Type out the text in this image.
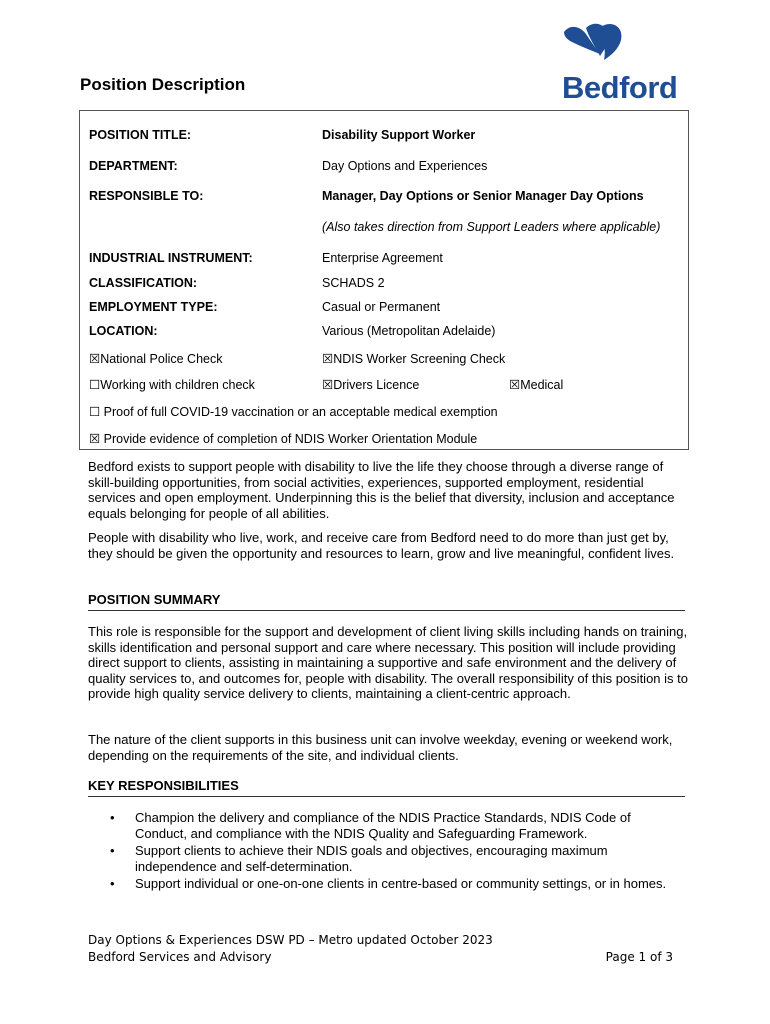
Position Description	Bedford
POSITION TITLE:	Disability Support Worker
DEPARTMENT:	Day Options and Experiences
RESPONSIBLE TO:	Manager, Day Options or Senior Manager Day Options
(Also takes direction from Support Leaders where applicable)
INDUSTRIAL INSTRUMENT:	Enterprise Agreement
CLASSIFICATION:	SCHADS 2
EMPLOYMENT TYPE:	Casual or Permanent
LOCATION:	Various (Metropolitan Adelaide)
☒National Police Check	☒NDIS Worker Screening Check
☐Working with children check	☒Drivers Licence	☒Medical
☐ Proof of full COVID-19 vaccination or an acceptable medical exemption
☒ Provide evidence of completion of NDIS Worker Orientation Module
Bedford exists to support people with disability to live the life they choose through a diverse range of skill-building opportunities, from social activities, experiences, supported employment, residential services and open employment. Underpinning this is the belief that diversity, inclusion and acceptance equals belonging for people of all abilities.
People with disability who live, work, and receive care from Bedford need to do more than just get by, they should be given the opportunity and resources to learn, grow and live meaningful, confident lives.
POSITION SUMMARY
This role is responsible for the support and development of client living skills including hands on training, skills identification and personal support and care where necessary. This position will include providing direct support to clients, assisting in maintaining a supportive and safe environment and the delivery of quality services to, and outcomes for, people with disability. The overall responsibility of this position is to provide high quality service delivery to clients, maintaining a client-centric approach.
The nature of the client supports in this business unit can involve weekday, evening or weekend work, depending on the requirements of the site, and individual clients.
KEY RESPONSIBILITIES
• Champion the delivery and compliance of the NDIS Practice Standards, NDIS Code of Conduct, and compliance with the NDIS Quality and Safeguarding Framework.
• Support clients to achieve their NDIS goals and objectives, encouraging maximum independence and self-determination.
• Support individual or one-on-one clients in centre-based or community settings, or in homes.
Day Options & Experiences DSW PD – Metro updated October 2023
Bedford Services and Advisory	Page 1 of 3
